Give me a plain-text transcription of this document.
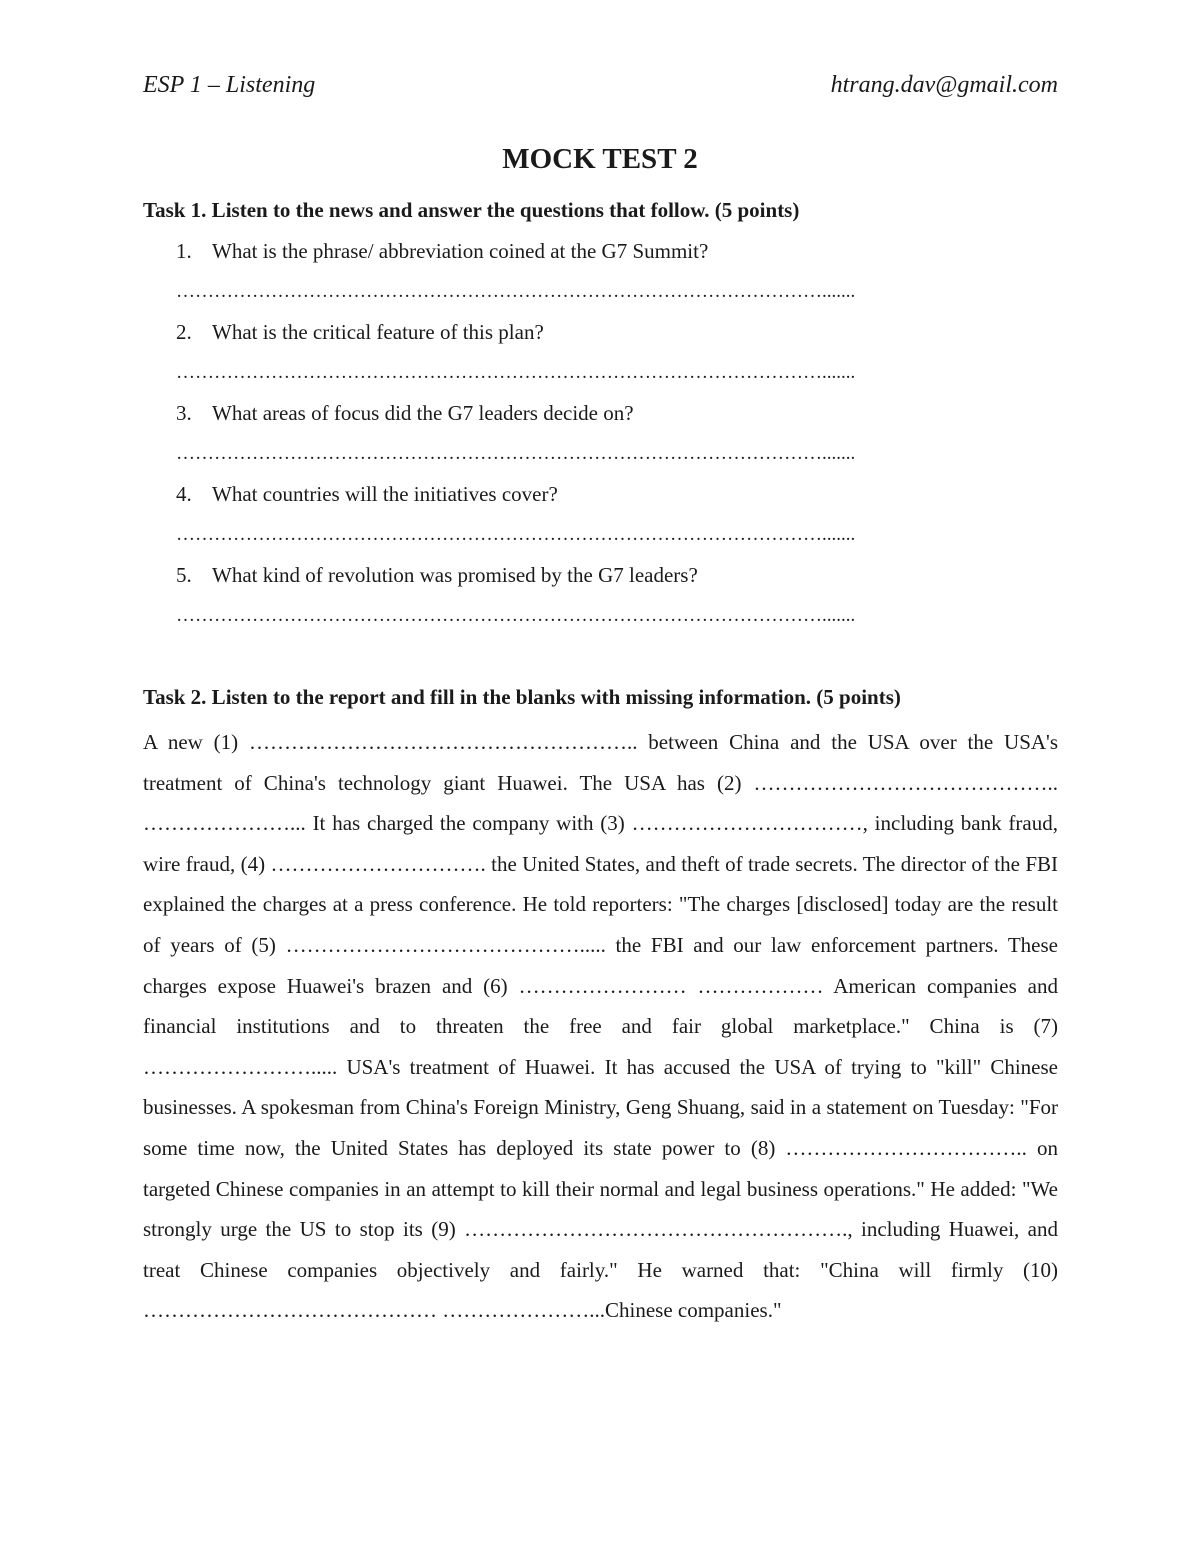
ESP 1 – Listening	htrang.dav@gmail.com
MOCK TEST 2
Task 1. Listen to the news and answer the questions that follow. (5 points)
1. What is the phrase/ abbreviation coined at the G7 Summit?
………………………………………………………………………………………….......
2. What is the critical feature of this plan?
………………………………………………………………………………………….......
3. What areas of focus did the G7 leaders decide on?
………………………………………………………………………………………….......
4. What countries will the initiatives cover?
………………………………………………………………………………………….......
5. What kind of revolution was promised by the G7 leaders?
………………………………………………………………………………………….......
Task 2. Listen to the report and fill in the blanks with missing information. (5 points)
A new (1) ……………………………………………….. between China and the USA over the USA's treatment of China's technology giant Huawei. The USA has (2) …………………………………….. …………………... It has charged the company with (3) ……………………………, including bank fraud, wire fraud, (4) …………………………. the United States, and theft of trade secrets. The director of the FBI explained the charges at a press conference. He told reporters: "The charges [disclosed] today are the result of years of (5) ……………………………………..... the FBI and our law enforcement partners. These charges expose Huawei's brazen and (6) …………………… ……………… American companies and financial institutions and to threaten the free and fair global marketplace." China is (7) ……………………..... USA's treatment of Huawei. It has accused the USA of trying to "kill" Chinese businesses. A spokesman from China's Foreign Ministry, Geng Shuang, said in a statement on Tuesday: "For some time now, the United States has deployed its state power to (8) …………………………….. on targeted Chinese companies in an attempt to kill their normal and legal business operations." He added: "We strongly urge the US to stop its (9) ………………………………………………., including Huawei, and treat Chinese companies objectively and fairly." He warned that: "China will firmly (10) …………………………………… …………………...Chinese companies."
